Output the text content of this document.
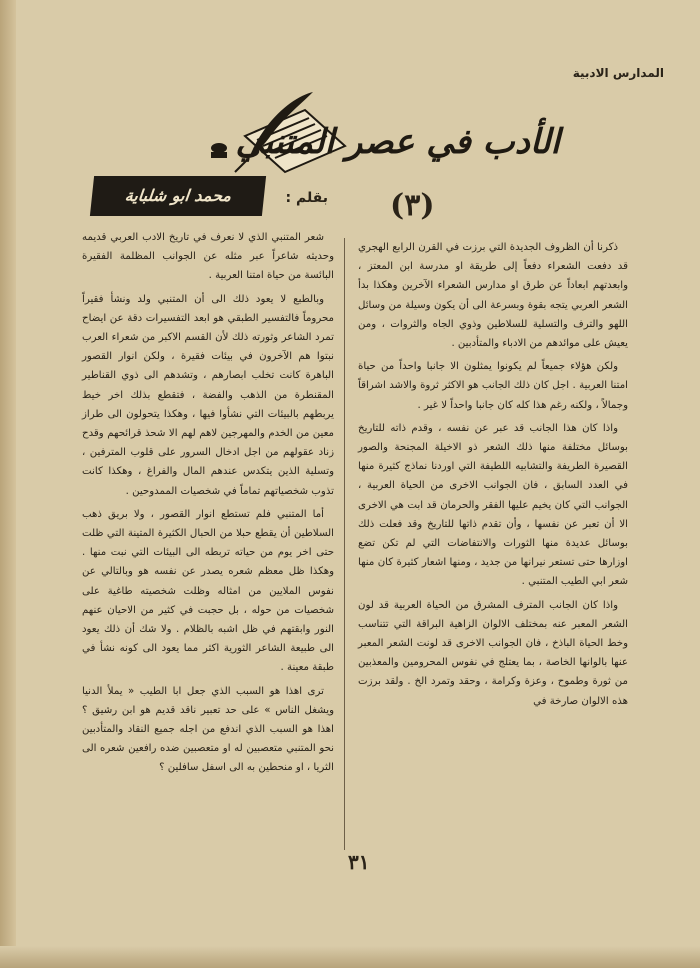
المدارس الادبية
الأدب في عصر المتنبي
(٣)
بقلم :
محمد ابو شلباية

ذكرنا أن الظروف الجديدة التي برزت في القرن الرابع الهجري قد دفعت الشعراء دفعاً إلى طريقة او مدرسة ابن المعتز ، وابعدتهم ابعاداً عن طرق او مدارس الشعراء الآخرين وهكذا بدأ الشعر العربي يتجه بقوة وبسرعة الى أن يكون وسيلة من وسائل اللهو والترف والتسلية للسلاطين وذوي الجاه والثروات ، ومن يعيش على موائدهم من الادباء والمتأدبين .

ولكن هؤلاء جميعاً لم يكونوا يمثلون الا جانبا واحداً من حياة امتنا العربية . اجل كان ذلك الجانب هو الاكثر ثروة والاشد اشراقاً وجمالاً ، ولكنه رغم هذا كله كان جانبا واحداً لا غير .

واذا كان هذا الجانب قد عبر عن نفسه ، وقدم ذاته للتاريخ بوسائل مختلفة منها ذلك الشعر ذو الاخيلة المجنحة والصور القصيرة الطريفة والتشابيه اللطيفة التي اوردنا نماذج كثيرة منها في العدد السابق ، فان الجوانب الاخرى من الحياة العربية ، الجوانب التي كان يخيم عليها الفقر والحرمان قد ابت هي الاخرى الا أن تعبر عن نفسها ، وأن تقدم ذاتها للتاريخ وقد فعلت ذلك بوسائل عديدة منها الثورات والانتفاضات التي لم تكن تضع اوزارها حتى تستعر نيرانها من جديد ، ومنها اشعار كثيرة كان منها شعر ابي الطيب المتنبي .

واذا كان الجانب المترف المشرق من الحياة العربية قد لون الشعر المعبر عنه بمختلف الالوان الزاهية البراقة التي تتناسب وخط الحياة الباذخ ، فان الجوانب الاخرى قد لونت الشعر المعبر عنها بالوانها الخاصة ، بما يعتلج في نفوس المحرومين والمعذبين من ثورة وطموح ، وعزة وكرامة ، وحقد وتمرد الخ . ولقد برزت هذه الالوان صارخة في

شعر المتنبي الذي لا نعرف في تاريخ الادب العربي قديمه وحديثه شاعراً عبر مثله عن الجوانب المظلمة الفقيرة البائسة من حياة امتنا العربية .

وبالطبع لا يعود ذلك الى أن المتنبي ولد ونشأ فقيراً محروماً فالتفسير الطبقي هو ابعد التفسيرات دقة عن ايضاح تمرد الشاعر وثورته ذلك لأن القسم الاكبر من شعراء العرب نبتوا هم الآخرون في بيئات فقيرة ، ولكن انوار القصور الباهرة كانت تخلب ابصارهم ، وتشدهم الى ذوي القناطير المقنطرة من الذهب والفضة ، فتقطع بذلك اخر خيط يربطهم بالبيئات التي نشأوا فيها ، وهكذا يتحولون الى طراز معين من الخدم والمهرجين لاهم لهم الا شحذ قرائحهم وقدح زناد عقولهم من اجل ادخال السرور على قلوب المترفين ، وتسلية الذين يتكدس عندهم المال والفراغ ، وهكذا كانت تذوب شخصياتهم تماماً في شخصيات الممدوحين .

أما المتنبي فلم تستطع انوار القصور ، ولا بريق ذهب السلاطين أن يقطع حبلا من الحبال الكثيرة المتينة التي ظلت حتى اخر يوم من حياته تربطه الى البيئات التي نبت منها . وهكذا ظل معظم شعره يصدر عن نفسه هو وبالتالي عن نفوس الملايين من امثاله وظلت شخصيته طاغية على شخصيات من حوله ، بل حجبت في كثير من الاحيان عنهم النور وابقتهم في ظل اشبه بالظلام . ولا شك أن ذلك يعود الى طبيعة الشاعر الثورية اكثر مما يعود الى كونه نشأ في طبقة معينة .

ترى اهذا هو السبب الذي جعل ابا الطيب « يملأ الدنيا ويشغل الناس » على حد تعبير ناقد قديم هو ابن رشيق ؟ اهذا هو السبب الذي اندفع من اجله جميع النقاد والمتأدبين نحو المتنبي متعصبين له او متعصبين ضده رافعين شعره الى الثريا ، او منحطين به الى اسفل سافلين ؟

٣١
